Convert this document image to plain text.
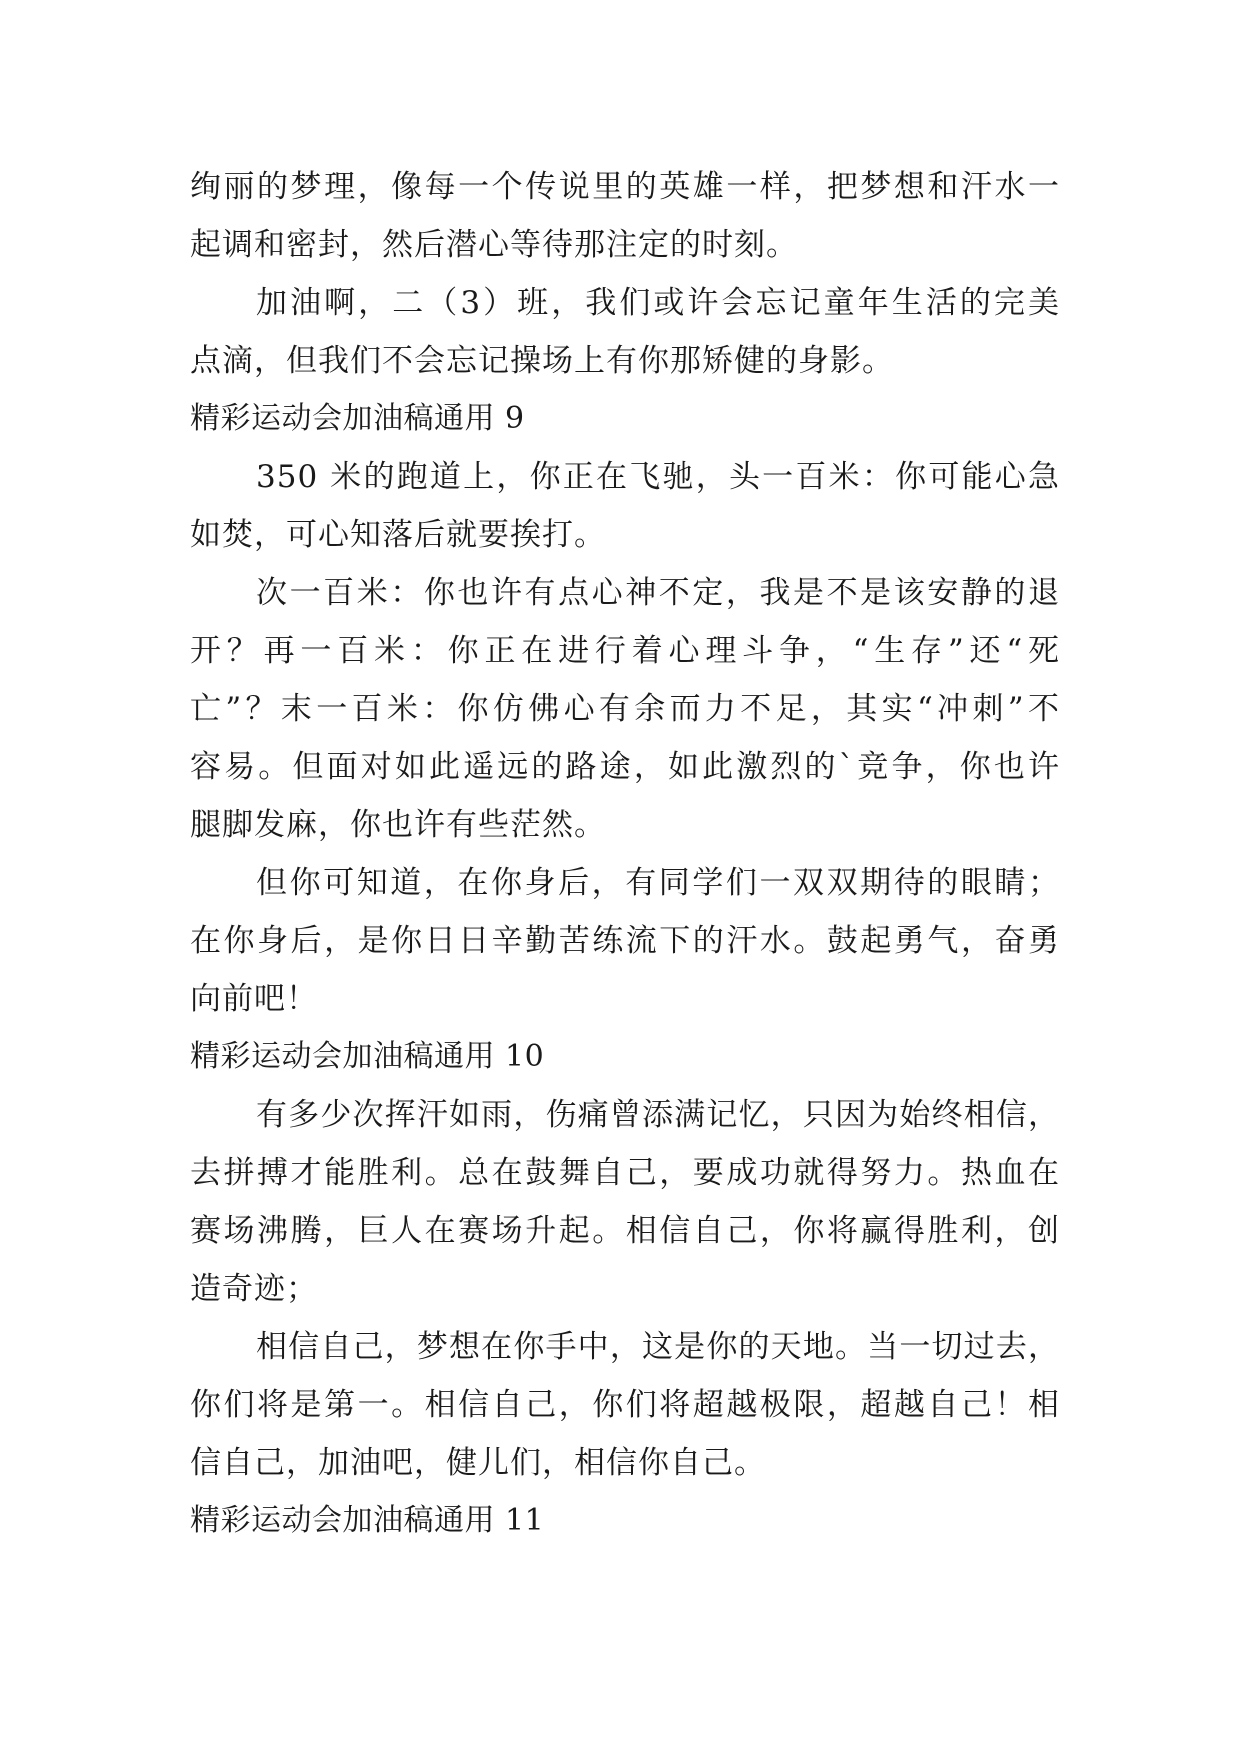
绚丽的梦理，像每一个传说里的英雄一样，把梦想和汗水一
起调和密封，然后潜心等待那注定的时刻。
加油啊，二（3）班，我们或许会忘记童年生活的完美
点滴，但我们不会忘记操场上有你那矫健的身影。
精彩运动会加油稿通用 9
350 米的跑道上，你正在飞驰，头一百米：你可能心急
如焚，可心知落后就要挨打。
次一百米：你也许有点心神不定，我是不是该安静的退
开？再一百米：你正在进行着心理斗争，“生存”还“死
亡”？末一百米：你仿佛心有余而力不足，其实“冲刺”不
容易。但面对如此遥远的路途，如此激烈的`竞争，你也许
腿脚发麻，你也许有些茫然。
但你可知道，在你身后，有同学们一双双期待的眼睛；
在你身后，是你日日辛勤苦练流下的汗水。鼓起勇气，奋勇
向前吧！
精彩运动会加油稿通用 10
有多少次挥汗如雨，伤痛曾添满记忆，只因为始终相信，
去拼搏才能胜利。总在鼓舞自己，要成功就得努力。热血在
赛场沸腾，巨人在赛场升起。相信自己，你将赢得胜利，创
造奇迹；
相信自己，梦想在你手中，这是你的天地。当一切过去，
你们将是第一。相信自己，你们将超越极限，超越自己！相
信自己，加油吧，健儿们，相信你自己。
精彩运动会加油稿通用 11
